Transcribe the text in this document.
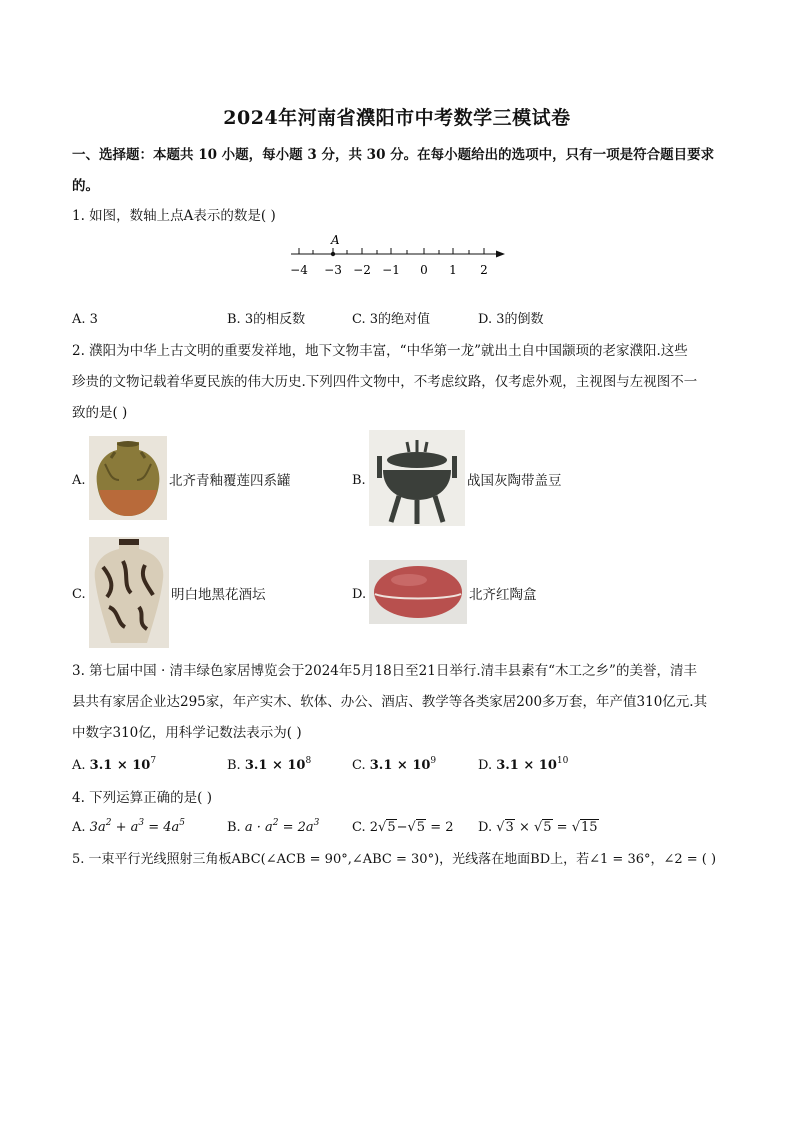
2024年河南省濮阳市中考数学三模试卷
一、选择题：本题共 10 小题，每小题 3 分，共 30 分。在每小题给出的选项中，只有一项是符合题目要求
的。
1. 如图，数轴上点A表示的数是( )
A
−4 −3 −2 −1 0 1 2
A. 3	B. 3的相反数	C. 3的绝对值	D. 3的倒数
2. 濮阳为中华上古文明的重要发祥地，地下文物丰富，“中华第一龙”就出土自中国颛顼的老家濮阳.这些
珍贵的文物记载着华夏民族的伟大历史.下列四件文物中，不考虑纹路，仅考虑外观，主视图与左视图不一
致的是( )
A.	北齐青釉覆莲四系罐	B.	战国灰陶带盖豆
C.	明白地黑花酒坛	D.	北齐红陶盒
3. 第七届中国 · 清丰绿色家居博览会于2024年5月18日至21日举行.清丰县素有“木工之乡”的美誉，清丰
县共有家居企业达295家，年产实木、软体、办公、酒店、教学等各类家居200多万套，年产值310亿元.其
中数字310亿，用科学记数法表示为( )
A. $3.1 \times 10^7$	B. $3.1 \times 10^8$	C. $3.1 \times 10^9$	D. $3.1 \times 10^{10}$
4. 下列运算正确的是( )
A. $3a^2 + a^3 = 4a^5$	B. $a \cdot a^2 = 2a^3$	C. 2√5−√5 = 2 D. √3 × √5 = √15
5. 一束平行光线照射三角板ABC(∠ACB = 90°,∠ABC = 30°)，光线落在地面BD上，若∠1 = 36°，∠2 = ( )
